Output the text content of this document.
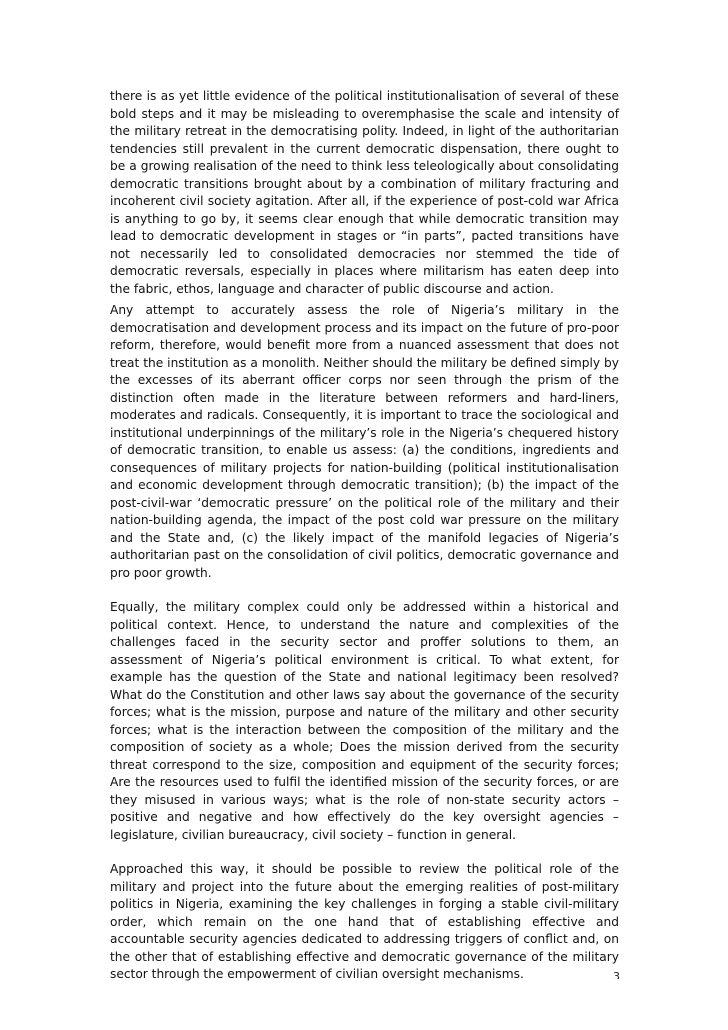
there is as yet little evidence of the political institutionalisation of several of these bold steps and it may be misleading to overemphasise the scale and intensity of the military retreat in the democratising polity. Indeed, in light of the authoritarian tendencies still prevalent in the current democratic dispensation, there ought to be a growing realisation of the need to think less teleologically about consolidating democratic transitions brought about by a combination of military fracturing and incoherent civil society agitation. After all, if the experience of post-cold war Africa is anything to go by, it seems clear enough that while democratic transition may lead to democratic development in stages or “in parts”, pacted transitions have not necessarily led to consolidated democracies nor stemmed the tide of democratic reversals, especially in places where militarism has eaten deep into the fabric, ethos, language and character of public discourse and action.

Any attempt to accurately assess the role of Nigeria’s military in the democratisation and development process and its impact on the future of pro-poor reform, therefore, would benefit more from a nuanced assessment that does not treat the institution as a monolith. Neither should the military be defined simply by the excesses of its aberrant officer corps nor seen through the prism of the distinction often made in the literature between reformers and hard-liners, moderates and radicals. Consequently, it is important to trace the sociological and institutional underpinnings of the military’s role in the Nigeria’s chequered history of democratic transition, to enable us assess: (a) the conditions, ingredients and consequences of military projects for nation-building (political institutionalisation and economic development through democratic transition); (b) the impact of the post-civil-war ‘democratic pressure’ on the political role of the military and their nation-building agenda, the impact of the post cold war pressure on the military and the State and, (c) the likely impact of the manifold legacies of Nigeria’s authoritarian past on the consolidation of civil politics, democratic governance and pro poor growth.

Equally, the military complex could only be addressed within a historical and political context. Hence, to understand the nature and complexities of the challenges faced in the security sector and proffer solutions to them, an assessment of Nigeria’s political environment is critical. To what extent, for example has the question of the State and national legitimacy been resolved? What do the Constitution and other laws say about the governance of the security forces; what is the mission, purpose and nature of the military and other security forces; what is the interaction between the composition of the military and the composition of society as a whole; Does the mission derived from the security threat correspond to the size, composition and equipment of the security forces; Are the resources used to fulfil the identified mission of the security forces, or are they misused in various ways; what is the role of non-state security actors – positive and negative and how effectively do the key oversight agencies – legislature, civilian bureaucracy, civil society – function in general.

Approached this way, it should be possible to review the political role of the military and project into the future about the emerging realities of post-military politics in Nigeria, examining the key challenges in forging a stable civil-military order, which remain on the one hand that of establishing effective and accountable security agencies dedicated to addressing triggers of conflict and, on the other that of establishing effective and democratic governance of the military sector through the empowerment of civilian oversight mechanisms.	3
